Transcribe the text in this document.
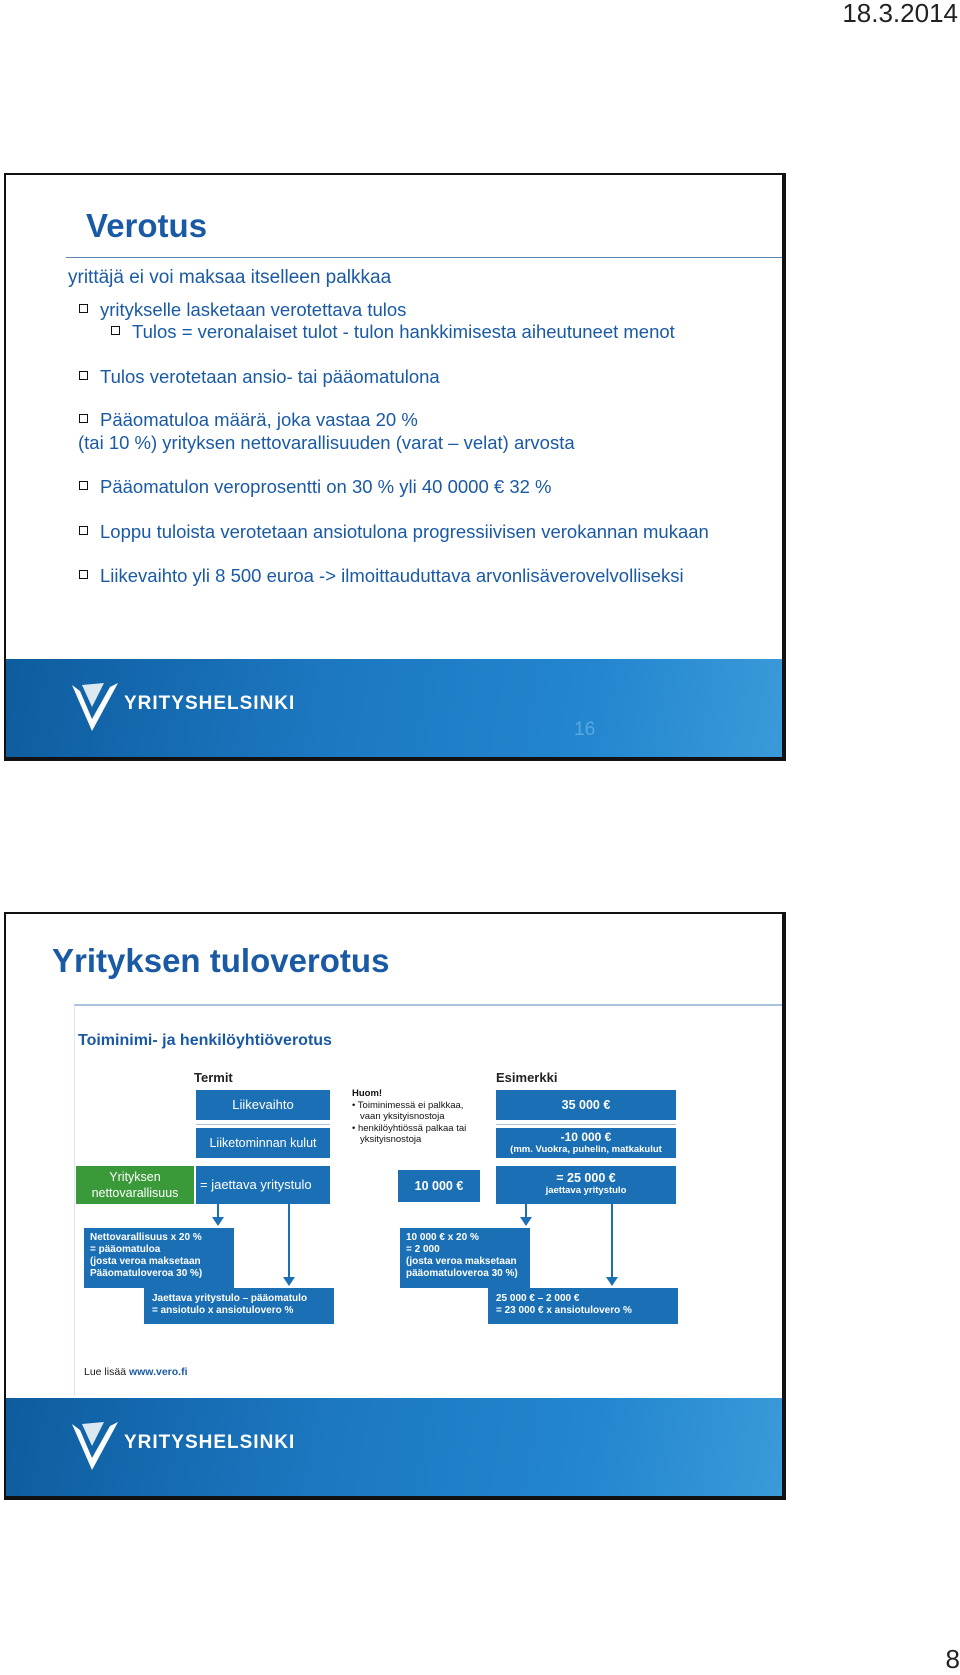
18.3.2014
Verotus
yrittäjä ei voi maksaa itselleen palkkaa
yritykselle lasketaan verotettava tulos
Tulos = veronalaiset tulot - tulon hankkimisesta aiheutuneet menot
Tulos verotetaan ansio- tai pääomatulona
Pääomatuloa määrä, joka vastaa 20 %
(tai 10 %) yrityksen nettovarallisuuden (varat – velat) arvosta
Pääomatulon veroprosentti on 30 % yli 40 0000 € 32 %
Loppu tuloista verotetaan ansiotulona progressiivisen verokannan mukaan
Liikevaihto yli 8 500 euroa -> ilmoittauduttava arvonlisäverovelvolliseksi
YRITYSHELSINKI
16
Yrityksen tuloverotus
Toiminimi- ja henkilöyhtiöverotus
Termit	Esimerkki
Liikevaihto
Liiketominnan kulut
Huom!
• Toiminimessä ei palkkaa,
vaan yksityisnostoja
• henkilöyhtiössä palkaa tai
yksityisnostoja
35 000 €
-10 000 €
(mm. Vuokra, puhelin, matkakulut
Yrityksen
nettovarallisuus
= jaettava yritystulo	10 000 €
= 25 000 €
jaettava yritystulo
Nettovarallisuus x 20 %
= pääomatuloa
(josta veroa maksetaan
Pääomatuloveroa 30 %)
10 000 € x 20 %
= 2 000
(josta veroa maksetaan
pääomatuloveroa 30 %)
Jaettava yritystulo – pääomatulo
= ansiotulo x ansiotulovero %
25 000 € – 2 000 €
= 23 000 € x ansiotulovero %
Lue lisää www.vero.fi
YRITYSHELSINKI
8
